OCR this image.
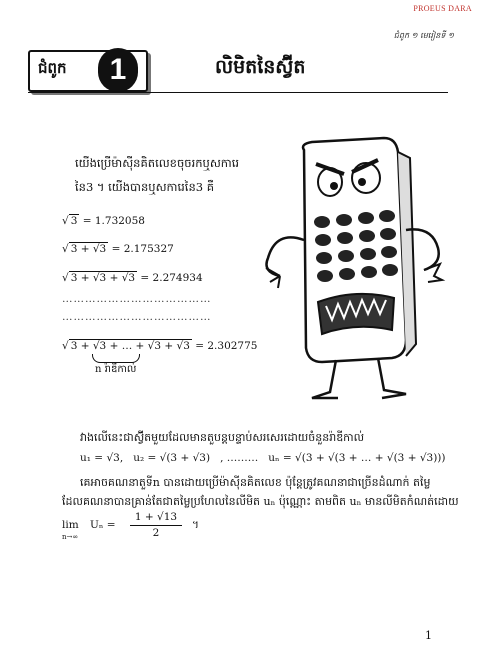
PROEUS DARA
ជំពូក ១ មេរៀនទី ១
ជំពូក	1	លិមិតនៃស៊្វីត
យើងប្រើម៉ាស៊ីនគិតលេខចុចរកឬសការេ
នៃ3 ។ យើងបានឬសការេនៃ3 គឺ
√ 3 = 1.732058
√ 3 + √3 = 2.175327
√ 3 + √3 + √3 = 2.274934
…………………………………
…………………………………
√ 3 + √3 + … + √3 + √3 = 2.302775
n រ៉ាឌីកាល់
វាងលើនេះជាស៊្វីតមួយដែលមានតួបន្តបន្ទាប់សរសេរដោយចំនួនរ៉ាឌីកាល់
u₁ = √3,   u₂ = √(3 + √3) , ……… uₙ = √(3 + √(3 + … + √(3 + √3)))
គេអាចគណនាតួទីn បានដោយប្រើម៉ាស៊ីនគិតលេខ ប៉ុន្តែត្រូវគណនាជាច្រើនដំណាក់ តម្លៃ
ដែលគណនាបានគ្រាន់តែជាតម្លៃប្រហែលនៃលីមិត uₙ ប៉ុណ្ណោះ តាមពិត uₙ មានលីមិតកំណត់ដោយ
lim
n→∞
Uₙ =
1 + √13
2
។
1
